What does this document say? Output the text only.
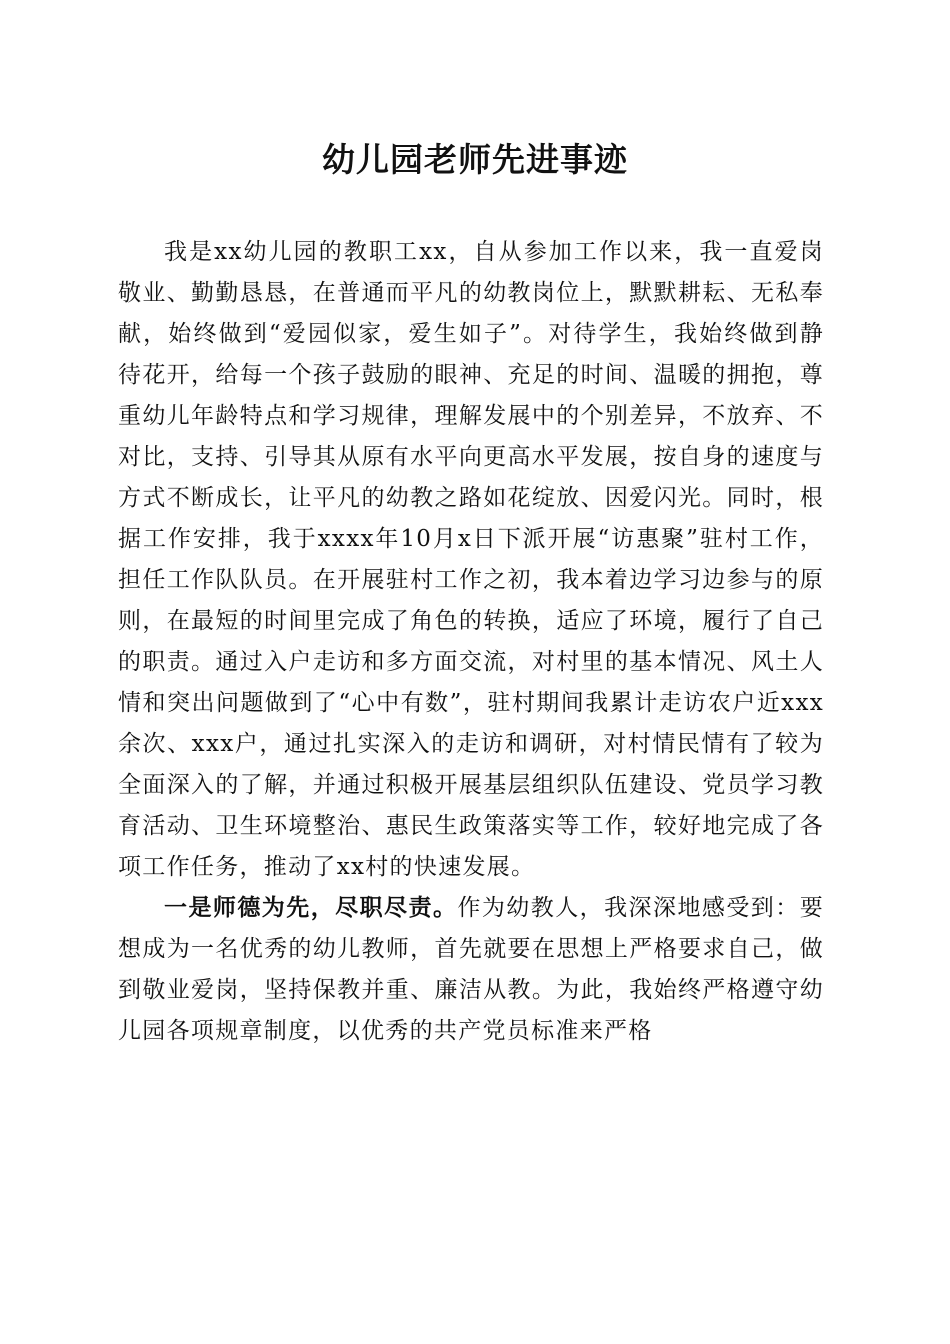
幼儿园老师先进事迹

我是xx幼儿园的教职工xx，自从参加工作以来，我一直爱岗敬业、勤勤恳恳，在普通而平凡的幼教岗位上，默默耕耘、无私奉献，始终做到“爱园似家，爱生如子”。对待学生，我始终做到静待花开，给每一个孩子鼓励的眼神、充足的时间、温暖的拥抱，尊重幼儿年龄特点和学习规律，理解发展中的个别差异，不放弃、不对比，支持、引导其从原有水平向更高水平发展，按自身的速度与方式不断成长，让平凡的幼教之路如花绽放、因爱闪光。同时，根据工作安排，我于xxxx年10月x日下派开展“访惠聚”驻村工作，担任工作队队员。在开展驻村工作之初，我本着边学习边参与的原则，在最短的时间里完成了角色的转换，适应了环境，履行了自己的职责。通过入户走访和多方面交流，对村里的基本情况、风土人情和突出问题做到了“心中有数”，驻村期间我累计走访农户近xxx余次、xxx户，通过扎实深入的走访和调研，对村情民情有了较为全面深入的了解，并通过积极开展基层组织队伍建设、党员学习教育活动、卫生环境整治、惠民生政策落实等工作，较好地完成了各项工作任务，推动了xx村的快速发展。

一是师德为先，尽职尽责。作为幼教人，我深深地感受到：要想成为一名优秀的幼儿教师，首先就要在思想上严格要求自己，做到敬业爱岗，坚持保教并重、廉洁从教。为此，我始终严格遵守幼儿园各项规章制度，以优秀的共产党员标准来严格
